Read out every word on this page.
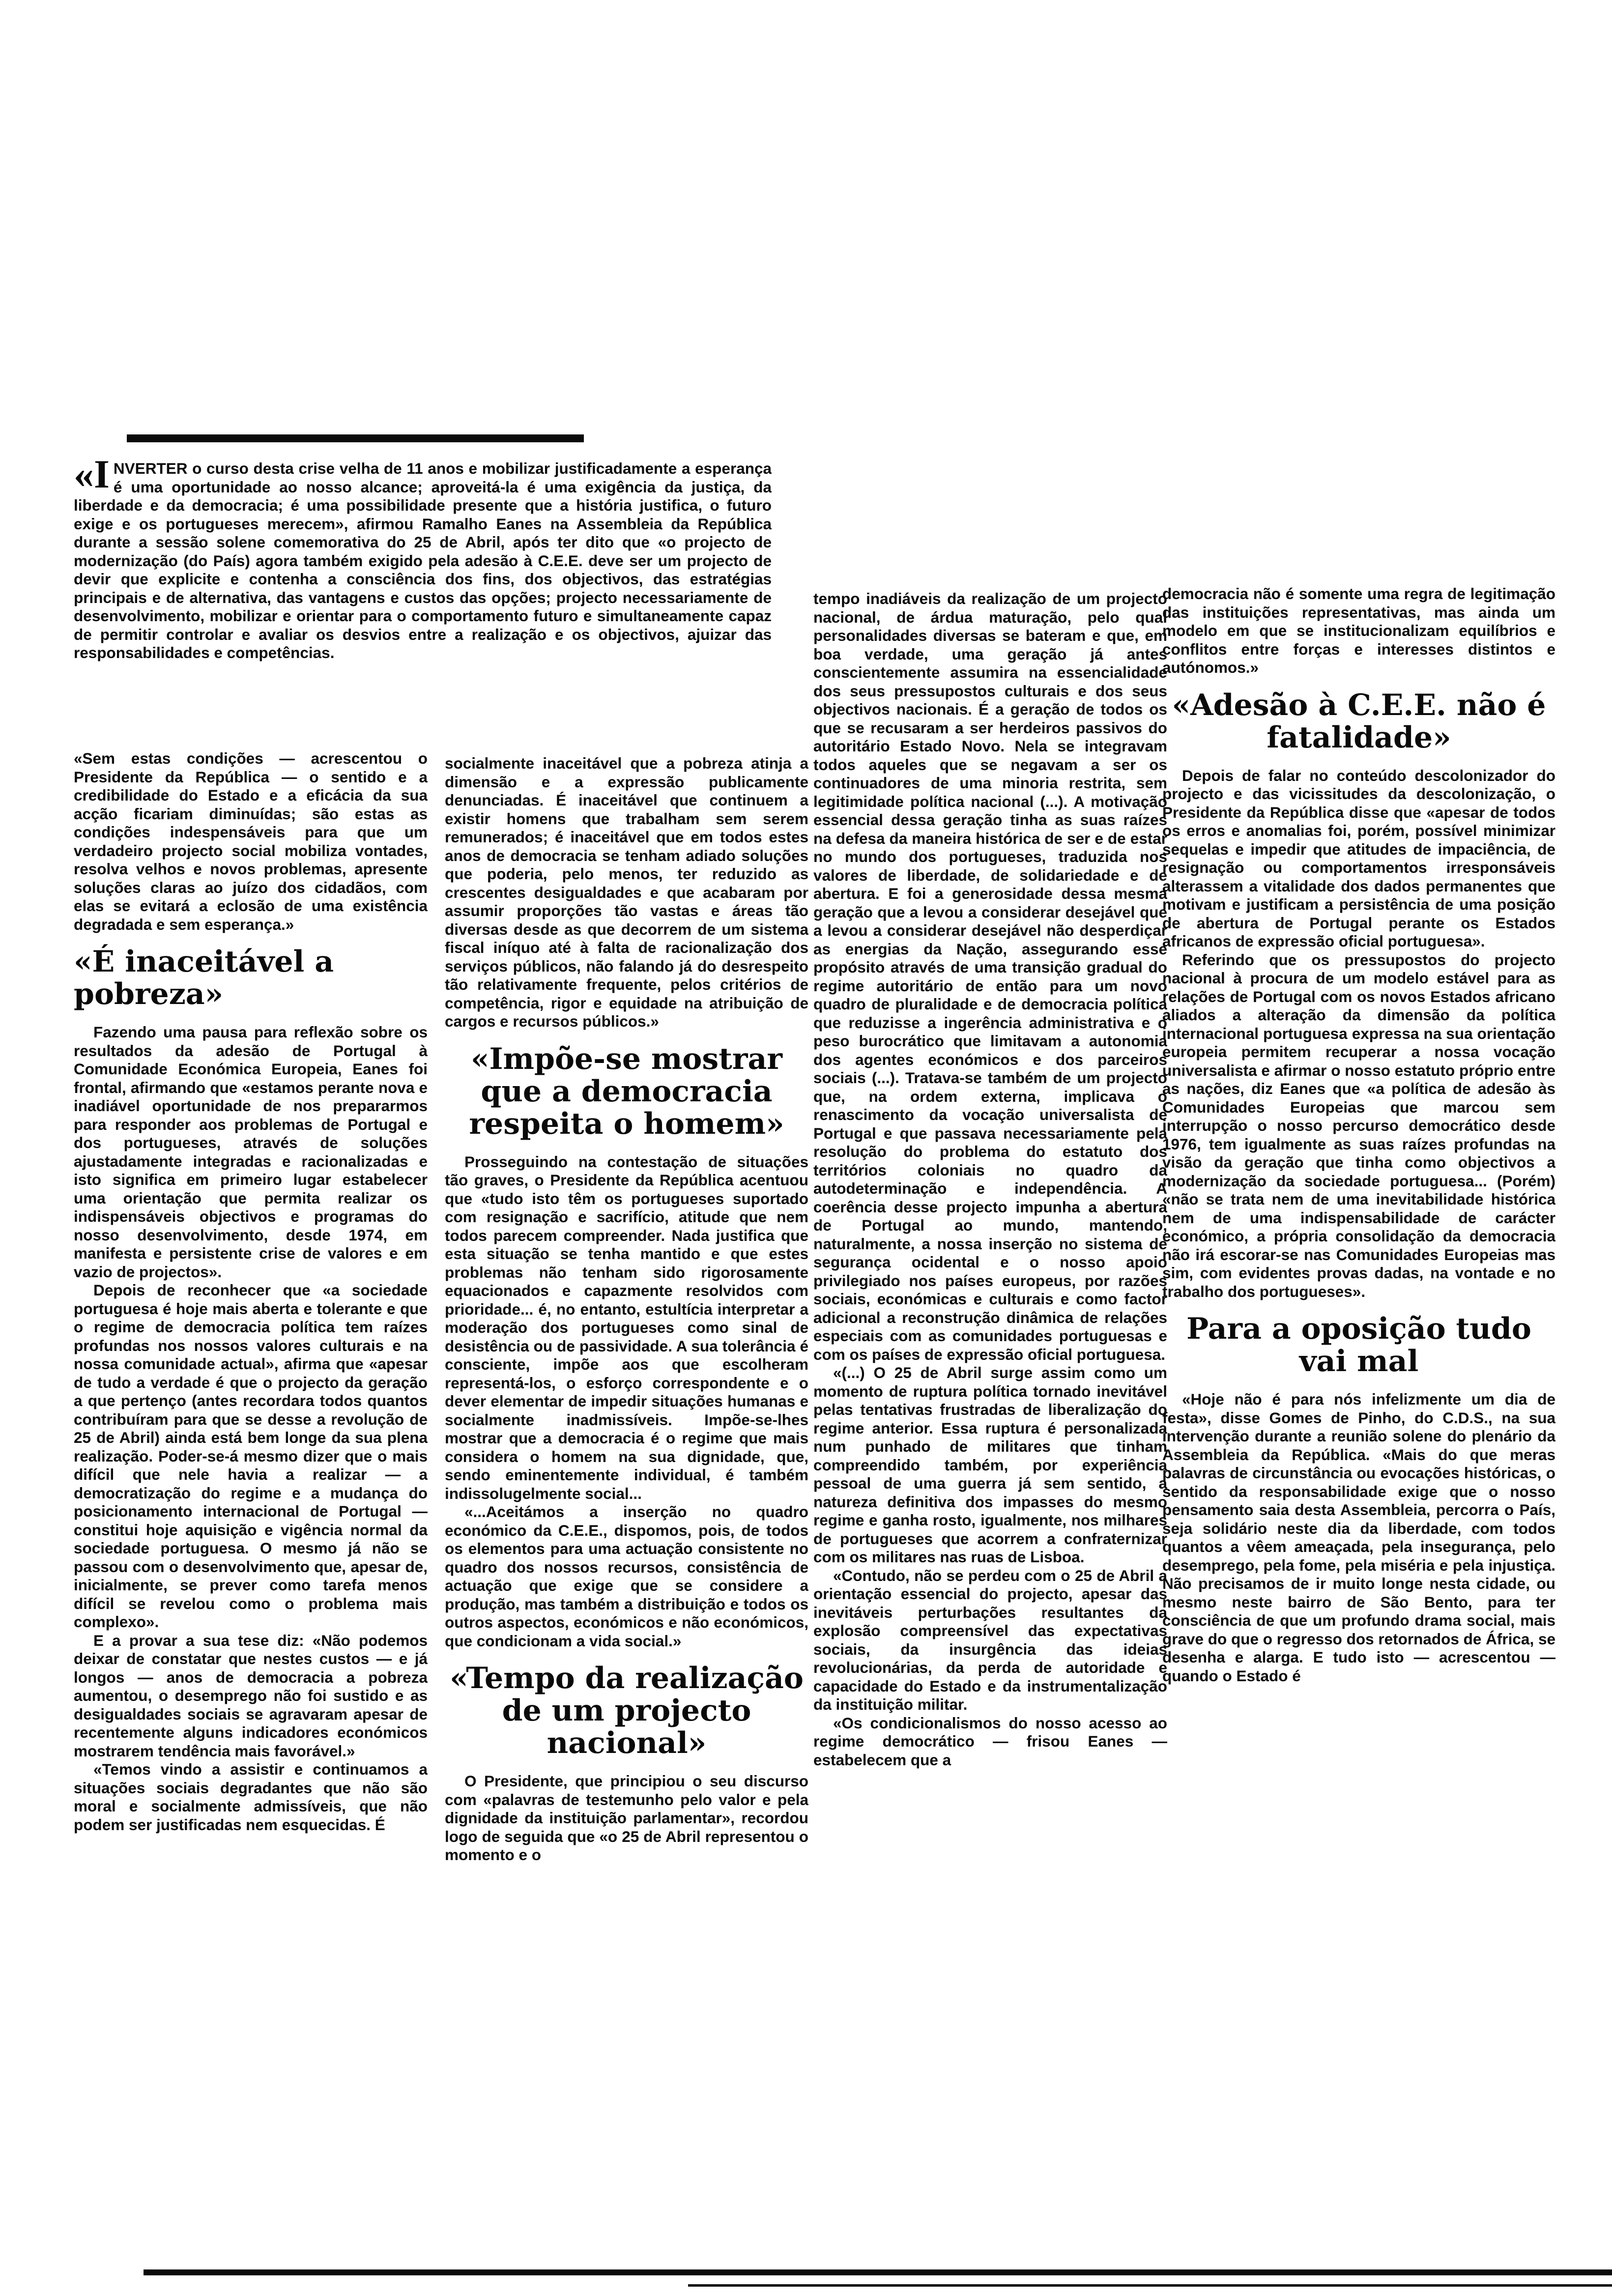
«I NVERTER o curso desta crise velha de 11 anos e mobilizar justificadamente a esperança é uma oportunidade ao nosso alcance; aproveitá-la é uma exigência da justiça, da liberdade e da democracia; é uma possibilidade presente que a história justifica, o futuro exige e os portugueses merecem», afirmou Ramalho Eanes na Assembleia da República durante a sessão solene comemorativa do 25 de Abril, após ter dito que «o projecto de modernização (do País) agora também exigido pela adesão à C.E.E. deve ser um projecto de devir que explicite e contenha a consciência dos fins, dos objectivos, das estratégias principais e de alternativa, das vantagens e custos das opções; projecto necessariamente de desenvolvimento, mobilizar e orientar para o comportamento futuro e simultaneamente capaz de permitir controlar e avaliar os desvios entre a realização e os objectivos, ajuizar das responsabilidades e competências.

«Sem estas condições — acrescentou o Presidente da República — o sentido e a credibilidade do Estado e a eficácia da sua acção ficariam diminuídas; são estas as condições indespensáveis para que um verdadeiro projecto social mobiliza vontades, resolva velhos e novos problemas, apresente soluções claras ao juízo dos cidadãos, com elas se evitará a eclosão de uma existência degradada e sem esperança.»

«É inaceitável a pobreza»

Fazendo uma pausa para reflexão sobre os resultados da adesão de Portugal à Comunidade Económica Europeia, Eanes foi frontal, afirmando que «estamos perante nova e inadiável oportunidade de nos prepararmos para responder aos problemas de Portugal e dos portugueses, através de soluções ajustadamente integradas e racionalizadas e isto significa em primeiro lugar estabelecer uma orientação que permita realizar os indispensáveis objectivos e programas do nosso desenvolvimento, desde 1974, em manifesta e persistente crise de valores e em vazio de projectos».

Depois de reconhecer que «a sociedade portuguesa é hoje mais aberta e tolerante e que o regime de democracia política tem raízes profundas nos nossos valores culturais e na nossa comunidade actual», afirma que «apesar de tudo a verdade é que o projecto da geração a que pertenço (antes recordara todos quantos contribuíram para que se desse a revolução de 25 de Abril) ainda está bem longe da sua plena realização. Poder-se-á mesmo dizer que o mais difícil que nele havia a realizar — a democratização do regime e a mudança do posicionamento internacional de Portugal — constitui hoje aquisição e vigência normal da sociedade portuguesa. O mesmo já não se passou com o desenvolvimento que, apesar de, inicialmente, se prever como tarefa menos difícil se revelou como o problema mais complexo».

E a provar a sua tese diz: «Não podemos deixar de constatar que nestes custos — e já longos — anos de democracia a pobreza aumentou, o desemprego não foi sustido e as desigualdades sociais se agravaram apesar de recentemente alguns indicadores económicos mostrarem tendência mais favorável.»

«Temos vindo a assistir e continuamos a situações sociais degradantes que não são moral e socialmente admissíveis, que não podem ser justificadas nem esquecidas. É

socialmente inaceitável que a pobreza atinja a dimensão e a expressão publicamente denunciadas. É inaceitável que continuem a existir homens que trabalham sem serem remunerados; é inaceitável que em todos estes anos de democracia se tenham adiado soluções que poderia, pelo menos, ter reduzido as crescentes desigualdades e que acabaram por assumir proporções tão vastas e áreas tão diversas desde as que decorrem de um sistema fiscal iníquo até à falta de racionalização dos serviços públicos, não falando já do desrespeito tão relativamente frequente, pelos critérios de competência, rigor e equidade na atribuição de cargos e recursos públicos.»

«Impõe-se mostrar que a democracia respeita o homem»

Prosseguindo na contestação de situações tão graves, o Presidente da República acentuou que «tudo isto têm os portugueses suportado com resignação e sacrifício, atitude que nem todos parecem compreender. Nada justifica que esta situação se tenha mantido e que estes problemas não tenham sido rigorosamente equacionados e capazmente resolvidos com prioridade... é, no entanto, estultícia interpretar a moderação dos portugueses como sinal de desistência ou de passividade. A sua tolerância é consciente, impõe aos que escolheram representá-los, o esforço correspondente e o dever elementar de impedir situações humanas e socialmente inadmissíveis. Impõe-se-lhes mostrar que a democracia é o regime que mais considera o homem na sua dignidade, que, sendo eminentemente individual, é também indissolugelmente social...

«...Aceitámos a inserção no quadro económico da C.E.E., dispomos, pois, de todos os elementos para uma actuação consistente no quadro dos nossos recursos, consistência de actuação que exige que se considere a produção, mas também a distribuição e todos os outros aspectos, económicos e não económicos, que condicionam a vida social.»

«Tempo da realização de um projecto nacional»

O Presidente, que principiou o seu discurso com «palavras de testemunho pelo valor e pela dignidade da instituição parlamentar», recordou logo de seguida que «o 25 de Abril representou o momento e o

tempo inadiáveis da realização de um projecto nacional, de árdua maturação, pelo qual personalidades diversas se bateram e que, em boa verdade, uma geração já antes conscientemente assumira na essencialidade dos seus pressupostos culturais e dos seus objectivos nacionais. É a geração de todos os que se recusaram a ser herdeiros passivos do autoritário Estado Novo. Nela se integravam todos aqueles que se negavam a ser os continuadores de uma minoria restrita, sem legitimidade política nacional (...). A motivação essencial dessa geração tinha as suas raízes na defesa da maneira histórica de ser e de estar no mundo dos portugueses, traduzida nos valores de liberdade, de solidariedade e de abertura. E foi a generosidade dessa mesma geração que a levou a considerar desejável que a levou a considerar desejável não desperdiçar as energias da Nação, assegurando esse propósito através de uma transição gradual do regime autoritário de então para um novo quadro de pluralidade e de democracia política que reduzisse a ingerência administrativa e o peso burocrático que limitavam a autonomia dos agentes económicos e dos parceiros sociais (...). Tratava-se também de um projecto que, na ordem externa, implicava o renascimento da vocação universalista de Portugal e que passava necessariamente pela resolução do problema do estatuto dos territórios coloniais no quadro da autodeterminação e independência. A coerência desse projecto impunha a abertura de Portugal ao mundo, mantendo, naturalmente, a nossa inserção no sistema de segurança ocidental e o nosso apoio privilegiado nos países europeus, por razões sociais, económicas e culturais e como factor adicional a reconstrução dinâmica de relações especiais com as comunidades portuguesas e com os países de expressão oficial portuguesa.

«(...) O 25 de Abril surge assim como um momento de ruptura política tornado inevitável pelas tentativas frustradas de liberalização do regime anterior. Essa ruptura é personalizada num punhado de militares que tinham compreendido também, por experiência pessoal de uma guerra já sem sentido, a natureza definitiva dos impasses do mesmo regime e ganha rosto, igualmente, nos milhares de portugueses que acorrem a confraternizar com os militares nas ruas de Lisboa.

«Contudo, não se perdeu com o 25 de Abril a orientação essencial do projecto, apesar das inevitáveis perturbações resultantes da explosão compreensível das expectativas sociais, da insurgência das ideias revolucionárias, da perda de autoridade e capacidade do Estado e da instrumentalização da instituição militar.

«Os condicionalismos do nosso acesso ao regime democrático — frisou Eanes — estabelecem que a

democracia não é somente uma regra de legitimação das instituições representativas, mas ainda um modelo em que se institucionalizam equilíbrios e conflitos entre forças e interesses distintos e autónomos.»

«Adesão à C.E.E. não é fatalidade»

Depois de falar no conteúdo descolonizador do projecto e das vicissitudes da descolonização, o Presidente da República disse que «apesar de todos os erros e anomalias foi, porém, possível minimizar sequelas e impedir que atitudes de impaciência, de resignação ou comportamentos irresponsáveis alterassem a vitalidade dos dados permanentes que motivam e justificam a persistência de uma posição de abertura de Portugal perante os Estados africanos de expressão oficial portuguesa».

Referindo que os pressupostos do projecto nacional à procura de um modelo estável para as relações de Portugal com os novos Estados africano aliados a alteração da dimensão da política internacional portuguesa expressa na sua orientação europeia permitem recuperar a nossa vocação universalista e afirmar o nosso estatuto próprio entre as nações, diz Eanes que «a política de adesão às Comunidades Europeias que marcou sem interrupção o nosso percurso democrático desde 1976, tem igualmente as suas raízes profundas na visão da geração que tinha como objectivos a modernização da sociedade portuguesa... (Porém) «não se trata nem de uma inevitabilidade histórica nem de uma indispensabilidade de carácter económico, a própria consolidação da democracia não irá escorar-se nas Comunidades Europeias mas sim, com evidentes provas dadas, na vontade e no trabalho dos portugueses».

Para a oposição tudo vai mal

«Hoje não é para nós infelizmente um dia de festa», disse Gomes de Pinho, do C.D.S., na sua intervenção durante a reunião solene do plenário da Assembleia da República. «Mais do que meras palavras de circunstância ou evocações históricas, o sentido da responsabilidade exige que o nosso pensamento saia desta Assembleia, percorra o País, seja solidário neste dia da liberdade, com todos quantos a vêem ameaçada, pela insegurança, pelo desemprego, pela fome, pela miséria e pela injustiça. Não precisamos de ir muito longe nesta cidade, ou mesmo neste bairro de São Bento, para ter consciência de que um profundo drama social, mais grave do que o regresso dos retornados de África, se desenha e alarga. E tudo isto — acrescentou — quando o Estado é
